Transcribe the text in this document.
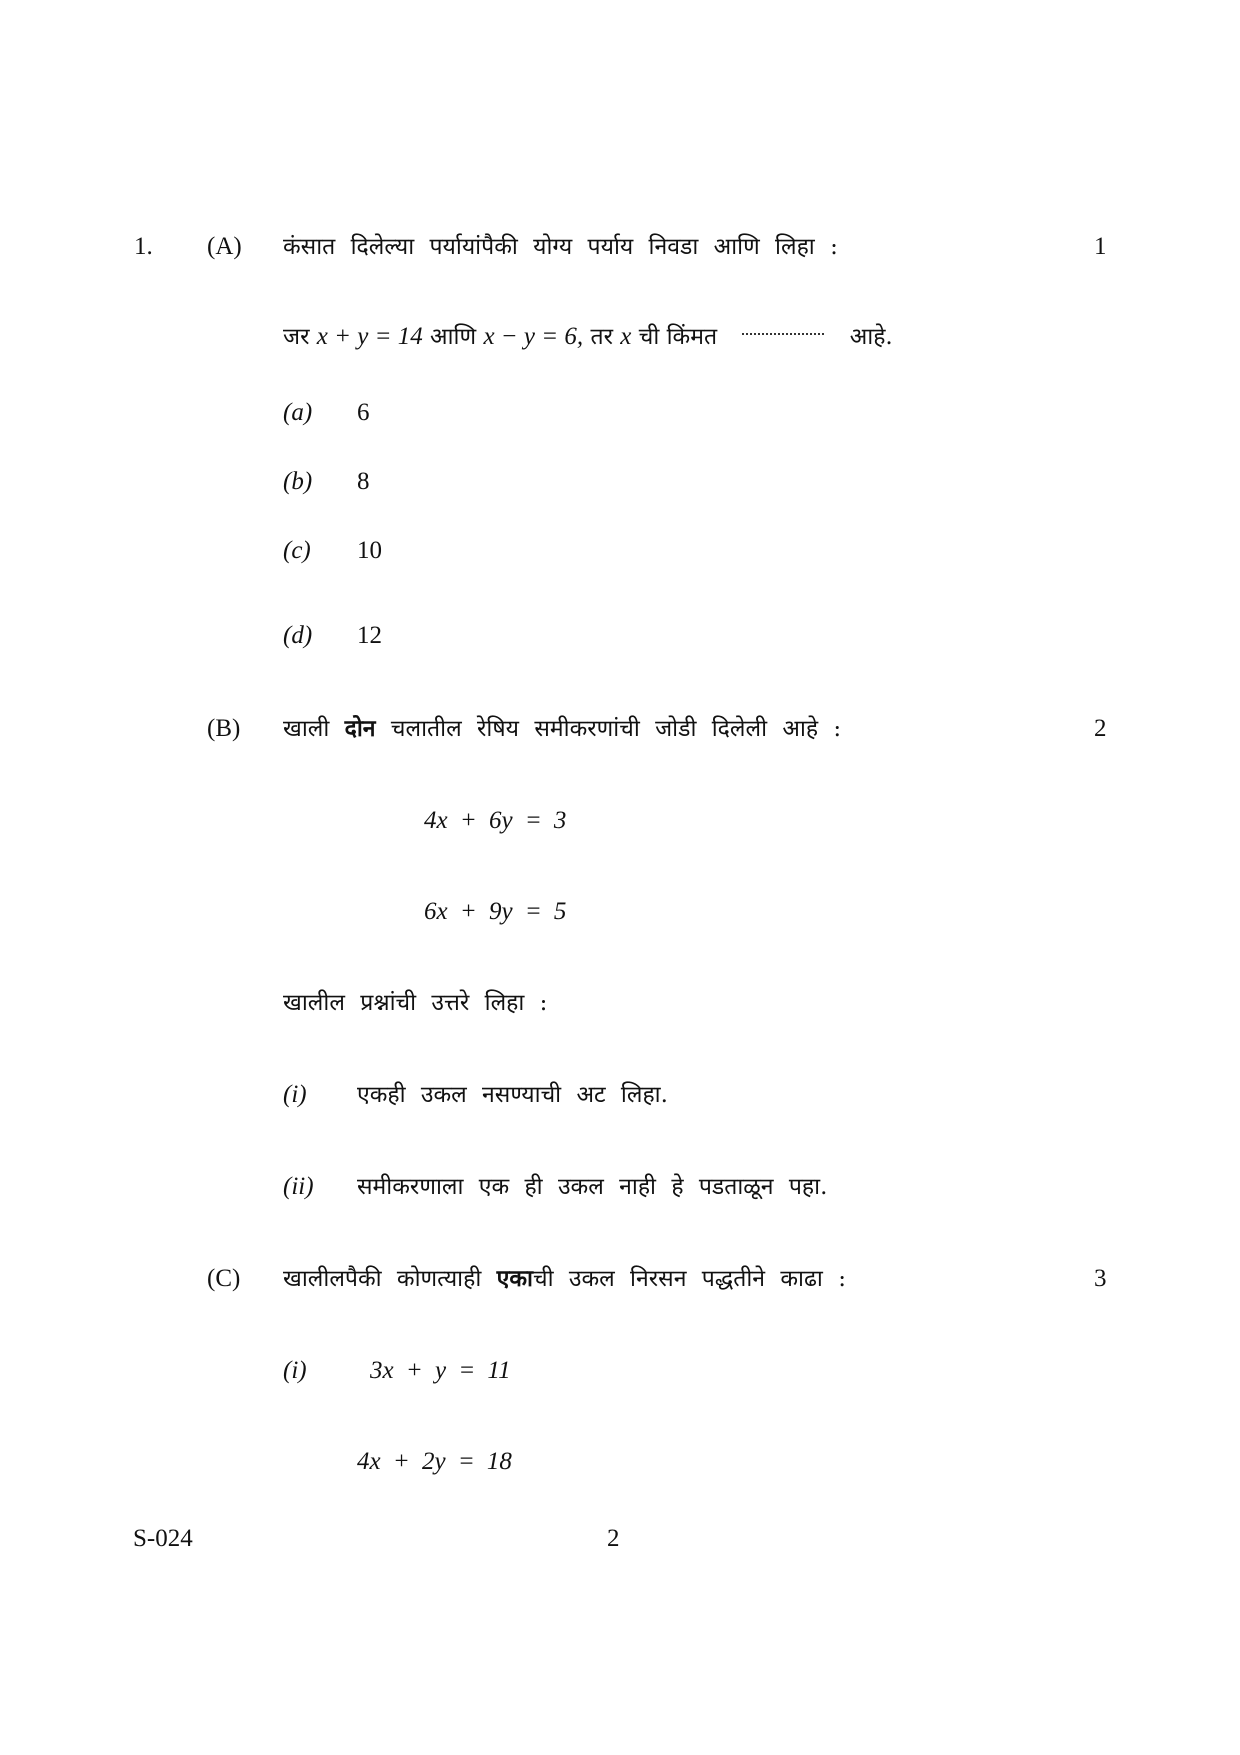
1. (A) कंसात दिलेल्या पर्यायांपैकी योग्य पर्याय निवडा आणि लिहा :	1
जर x + y = 14 आणि x − y = 6, तर x ची किंमत	आहे.
(a) 6
(b) 8
(c) 10
(d) 12
(B) खाली दोन चलातील रेषिय समीकरणांची जोडी दिलेली आहे :	2
4x + 6y = 3
6x + 9y = 5
खालील प्रश्नांची उत्तरे लिहा :
(i) एकही उकल नसण्याची अट लिहा.
(ii) समीकरणाला एक ही उकल नाही हे पडताळून पहा.
(C) खालीलपैकी कोणत्याही एकाची उकल निरसन पद्धतीने काढा :	3
(i)	3x + y = 11
4x + 2y = 18
S-024	2
